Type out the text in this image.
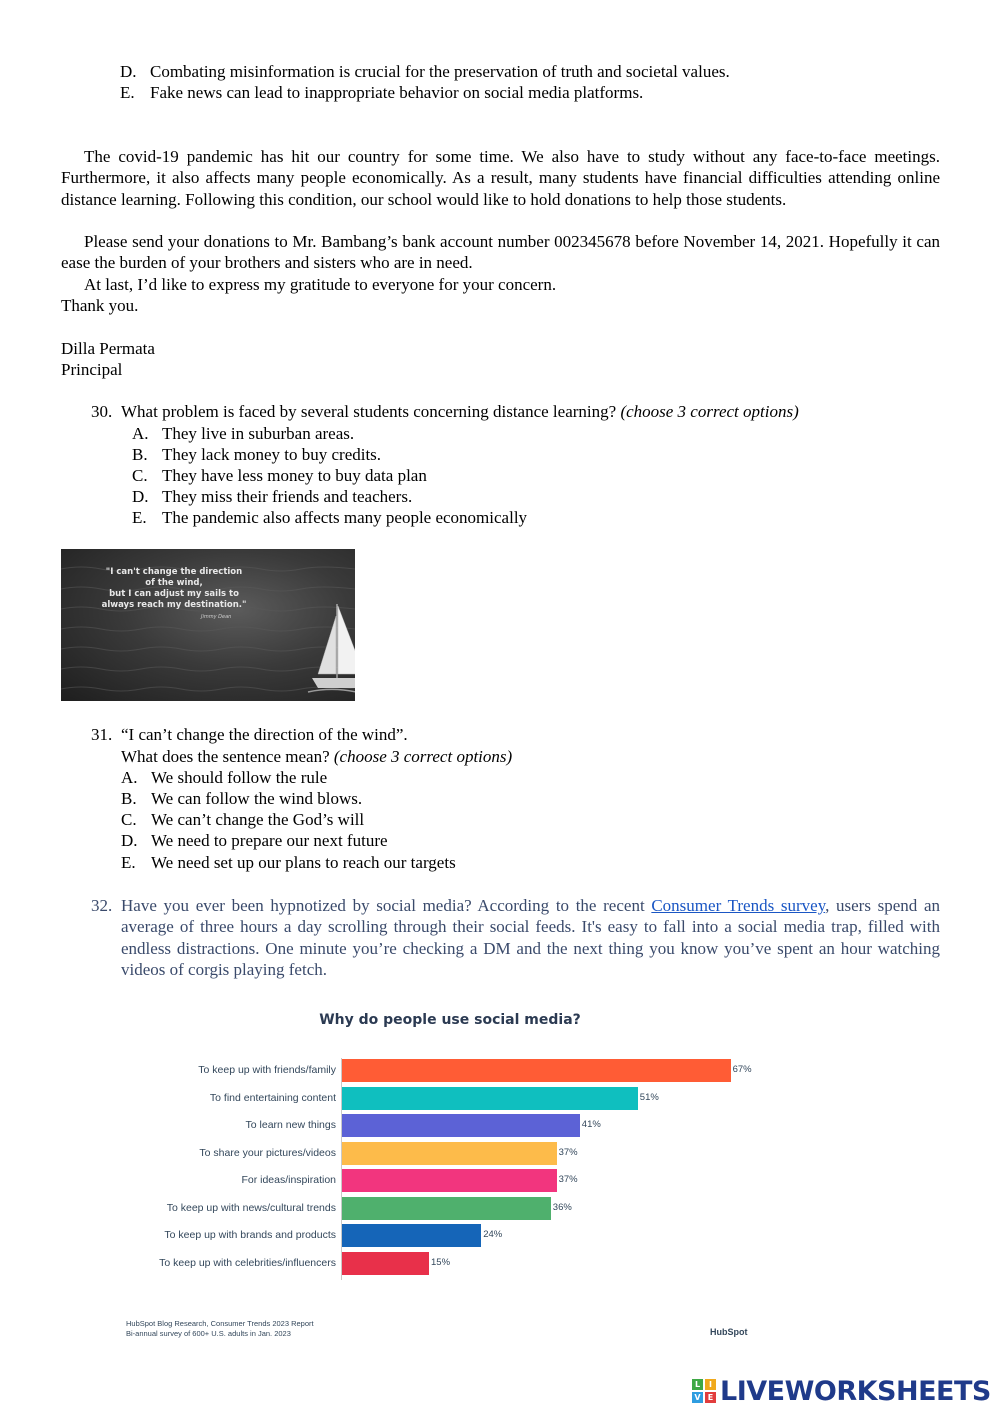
D. Combating misinformation is crucial for the preservation of truth and societal values.
E. Fake news can lead to inappropriate behavior on social media platforms.
The covid-19 pandemic has hit our country for some time. We also have to study without any face-to-face meetings. Furthermore, it also affects many people economically. As a result, many students have financial difficulties attending online distance learning. Following this condition, our school would like to hold donations to help those students.
Please send your donations to Mr. Bambang’s bank account number 002345678 before November 14, 2021. Hopefully it can ease the burden of your brothers and sisters who are in need.
At last, I’d like to express my gratitude to everyone for your concern.
Thank you.
Dilla Permata
Principal
30. What problem is faced by several students concerning distance learning? (choose 3 correct options)
A. They live in suburban areas.
B. They lack money to buy credits.
C. They have less money to buy data plan
D. They miss their friends and teachers.
E. The pandemic also affects many people economically
"I can't change the direction
of the wind,
but I can adjust my sails to
always reach my destination."
Jimmy Dean
31. “I can’t change the direction of the wind”.
What does the sentence mean? (choose 3 correct options)
A. We should follow the rule
B. We can follow the wind blows.
C. We can’t change the God’s will
D. We need to prepare our next future
E. We need set up our plans to reach our targets
32. Have you ever been hypnotized by social media? According to the recent Consumer Trends survey, users spend an average of three hours a day scrolling through their social feeds. It's easy to fall into a social media trap, filled with endless distractions. One minute you’re checking a DM and the next thing you know you’ve spent an hour watching videos of corgis playing fetch.
Why do people use social media?
To keep up with friends/family	67%
To find entertaining content	51%
To learn new things	41%
To share your pictures/videos	37%
For ideas/inspiration	37%
To keep up with news/cultural trends	36%
To keep up with brands and products	24%
To keep up with celebrities/influencers	15%
HubSpot Blog Research, Consumer Trends 2023 Report
Bi-annual survey of 600+ U.S. adults in Jan. 2023	HubSpot
L	I
V E LIVEWORKSHEETS
